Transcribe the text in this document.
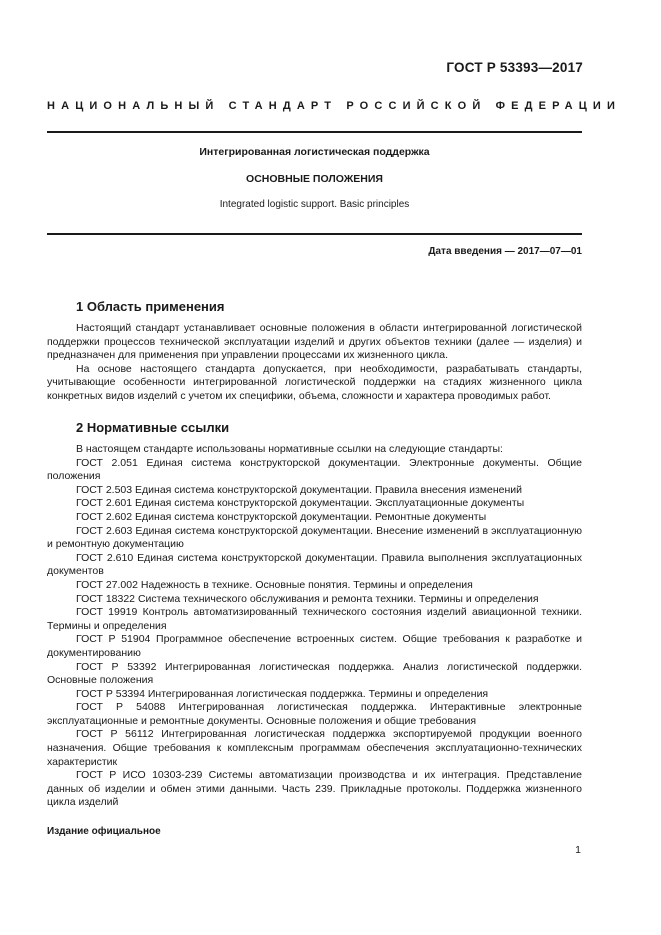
ГОСТ Р 53393—2017
НАЦИОНАЛЬНЫЙ СТАНДАРТ РОССИЙСКОЙ ФЕДЕРАЦИИ
Интегрированная логистическая поддержка
ОСНОВНЫЕ ПОЛОЖЕНИЯ
Integrated logistic support. Basic principles
Дата введения — 2017—07—01
1 Область применения

Настоящий стандарт устанавливает основные положения в области интегрированной логистической поддержки процессов технической эксплуатации изделий и других объектов техники (далее — изделия) и предназначен для применения при управлении процессами их жизненного цикла.

На основе настоящего стандарта допускается, при необходимости, разрабатывать стандарты, учитывающие особенности интегрированной логистической поддержки на стадиях жизненного цикла конкретных видов изделий с учетом их специфики, объема, сложности и характера проводимых работ.

2 Нормативные ссылки

В настоящем стандарте использованы нормативные ссылки на следующие стандарты:

ГОСТ 2.051 Единая система конструкторской документации. Электронные документы. Общие положения

ГОСТ 2.503 Единая система конструкторской документации. Правила внесения изменений

ГОСТ 2.601 Единая система конструкторской документации. Эксплуатационные документы

ГОСТ 2.602 Единая система конструкторской документации. Ремонтные документы

ГОСТ 2.603 Единая система конструкторской документации. Внесение изменений в эксплуатационную и ремонтную документацию

ГОСТ 2.610 Единая система конструкторской документации. Правила выполнения эксплуатационных документов

ГОСТ 27.002 Надежность в технике. Основные понятия. Термины и определения

ГОСТ 18322 Система технического обслуживания и ремонта техники. Термины и определения

ГОСТ 19919 Контроль автоматизированный технического состояния изделий авиационной техники. Термины и определения

ГОСТ Р 51904 Программное обеспечение встроенных систем. Общие требования к разработке и документированию

ГОСТ Р 53392 Интегрированная логистическая поддержка. Анализ логистической поддержки. Основные положения

ГОСТ Р 53394 Интегрированная логистическая поддержка. Термины и определения

ГОСТ Р 54088 Интегрированная логистическая поддержка. Интерактивные электронные эксплуатационные и ремонтные документы. Основные положения и общие требования

ГОСТ Р 56112 Интегрированная логистическая поддержка экспортируемой продукции военного назначения. Общие требования к комплексным программам обеспечения эксплуатационно-технических характеристик

ГОСТ Р ИСО 10303-239 Системы автоматизации производства и их интеграция. Представление данных об изделии и обмен этими данными. Часть 239. Прикладные протоколы. Поддержка жизненного цикла изделий

Издание официальное
1
